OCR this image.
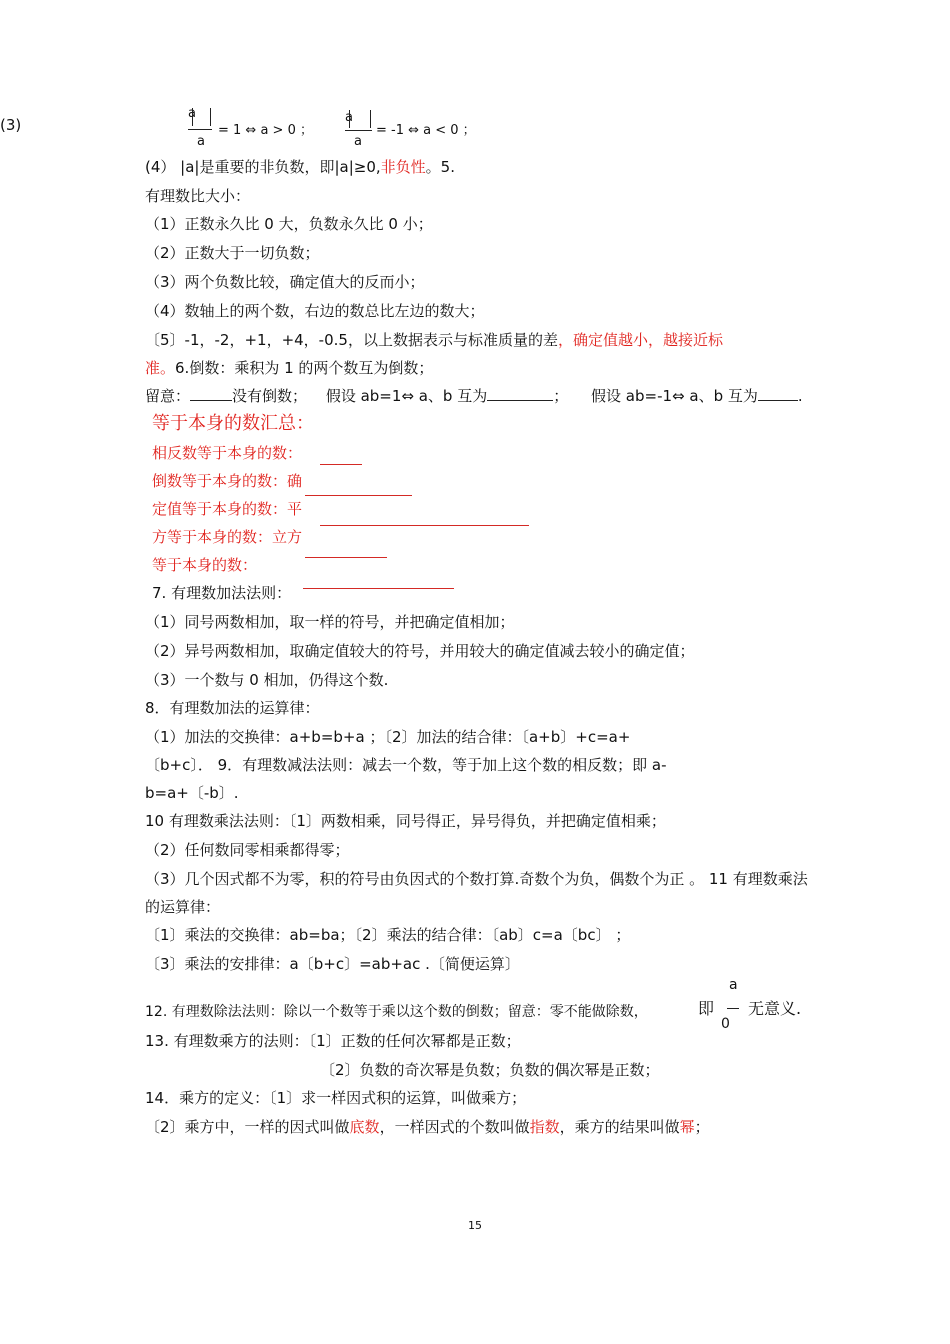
(3)
a
a
= 1 ⇔ a > 0 ；
a
a
= -1 ⇔ a < 0 ；
(4） |a|是重要的非负数，即|a|≥0,非负性。5.
有理数比大小：
（1）正数永久比 0 大，负数永久比 0 小；
（2）正数大于一切负数；
（3）两个负数比较，确定值大的反而小；
（4）数轴上的两个数，右边的数总比左边的数大；
〔5〕-1，-2，+1，+4，-0.5，以上数据表示与标准质量的差，确定值越小，越接近标
准。6.倒数：乘积为 1 的两个数互为倒数；
留意：	没有倒数； 假设 ab=1⇔ a、b 互为	； 假设 ab=-1⇔ a、b 互为	.
等于本身的数汇总：
相反数等于本身的数：
倒数等于本身的数：确
定值等于本身的数：平
方等于本身的数：立方
等于本身的数：
7. 有理数加法法则：
（1）同号两数相加，取一样的符号，并把确定值相加；
（2）异号两数相加，取确定值较大的符号，并用较大的确定值减去较小的确定值；
（3）一个数与 0 相加，仍得这个数.
8．有理数加法的运算律：
（1）加法的交换律：a+b=b+a ；〔2〕加法的结合律：〔a+b〕+c=a+
〔b+c〕． 9．有理数减法法则：减去一个数，等于加上这个数的相反数；即 a-
b=a+〔-b〕.
10 有理数乘法法则：〔1〕两数相乘，同号得正，异号得负，并把确定值相乘；
（2）任何数同零相乘都得零；
（3）几个因式都不为零，积的符号由负因式的个数打算.奇数个为负，偶数个为正 。 11 有理数乘法
的运算律：
〔1〕乘法的交换律：ab=ba；〔2〕乘法的结合律：〔ab〕c=a〔bc〕 ；
〔3〕乘法的安排律：a〔b+c〕=ab+ac .〔简便运算〕
12. 有理数除法法则：除以一个数等于乘以这个数的倒数；留意：零不能做除数，	即
a
0
无意义.
13. 有理数乘方的法则：〔1〕正数的任何次幂都是正数；
〔2〕负数的奇次幂是负数；负数的偶次幂是正数；
14．乘方的定义：〔1〕求一样因式积的运算，叫做乘方；
〔2〕乘方中，一样的因式叫做底数，一样因式的个数叫做指数，乘方的结果叫做幂；
15
